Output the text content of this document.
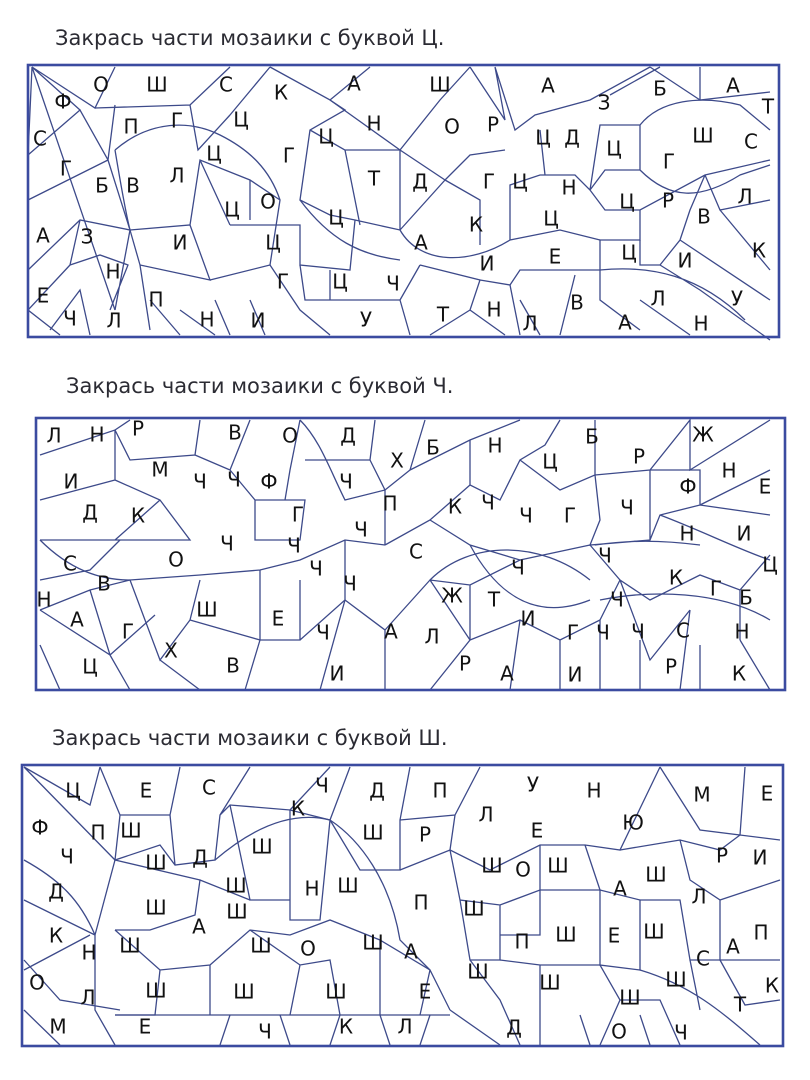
Закрась части мозаики с буквой Ц.
Закрась части мозаики с буквой Ч.
Закрась части мозаики с буквой Ш.
О Ш	С К	А	Ш	А
З
Б	А
Т
Ф
С	П Г	Ц
Ц
Н	О Р
Ц Д Ц
Ш С
Г
Б В Л
Ц	Г
Т Д	Г Ц Н
Г
Р
Ц
В
Л
О
Ц	Ц	К	Ц
А З	И	Ц	А
Е	Ц И	К
Н	Г Ц Ч
И
В	Л	У
Е	П
Ч Л	Н И	У	Т Н
Л	А	Н
Л Н Р	В О Д	Б Н	Б	Ж
Х	Ц	Р
Н
Е
И	М Ч Ч Ф	Ч	Ф
Д К	П	К Ч
Ч Г Ч
Н И
Г
Ч
Ч	Ч
О	С
С	Ч
Ч	Ч	Ц
В	Ч	К Г Б
Н	Ж Т	Ч
А	Ш	Е	И
Г	Ч	А Л	Г Ч Ч С Н
Ц
Х
В	И	Р А	И	Р	К
Ц	Е С	Ч Д П	У Н	М	Е
К
Ф П Ш
Ш
Ш Р
Л
Е	Ю
Ч	Ш Д	Ш О Ш	Р И
Д
Ш
Ш	Н Ш
П
А
Ш
Л
А
Ш	Ш
К
Н Ш	Ш О Ш А	П Ш Е Ш
А
П
С
Ш
О
Л Ш	Ш	Ш	Е
Ш	Ш
Ш	К
Т
М	Е	Ч	К Л	Д	О Ч
